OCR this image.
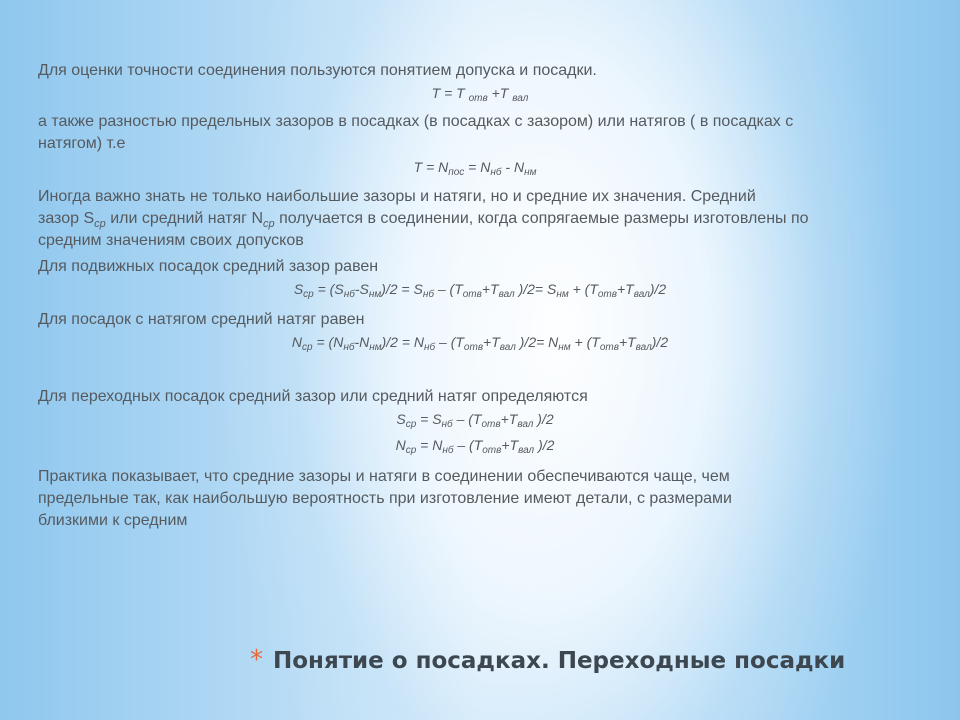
Для оценки точности соединения пользуются понятием допуска и посадки.
T = T $_{отв}$ +T $_{вал}$
а также разностью предельных зазоров в посадках (в посадках с зазором) или натягов ( в посадках с
натягом) т.е
$T = N_{пос} = N_{нб} - N_{нм}$
Иногда важно знать не только наибольшие зазоры и натяги, но и средние их значения. Средний
зазор $S_{ср}$ или средний натяг $N_{ср}$ получается в соединении, когда сопрягаемые размеры изготовлены по
средним значениям своих допусков
Для подвижных посадок средний зазор равен
$S_{ср} = (S_{нб}-S_{нм})/2 = S_{нб} - (T_{отв}+T_{вал}$ )$/2= S_{нм} + (T_{отв}+T_{вал})/2$
Для посадок с натягом средний натяг равен
$N_{ср} = (N_{нб}-N_{нм})/2 = N_{нб} - (T_{отв}+T_{вал}$ )$/2= N_{нм} + (T_{отв}+T_{вал})/2$
Для переходных посадок средний зазор или средний натяг определяются
$S_{ср} = S_{нб} - (T_{отв}+T_{вал}$ )/2
$N_{ср} = N_{нб} - (T_{отв}+T_{вал}$ )/2
Практика показывает, что средние зазоры и натяги в соединении обеспечиваются чаще, чем
предельные так, как наибольшую вероятность при изготовление имеют детали, с размерами
близкими к средним
* Понятие о посадках. Переходные посадки
